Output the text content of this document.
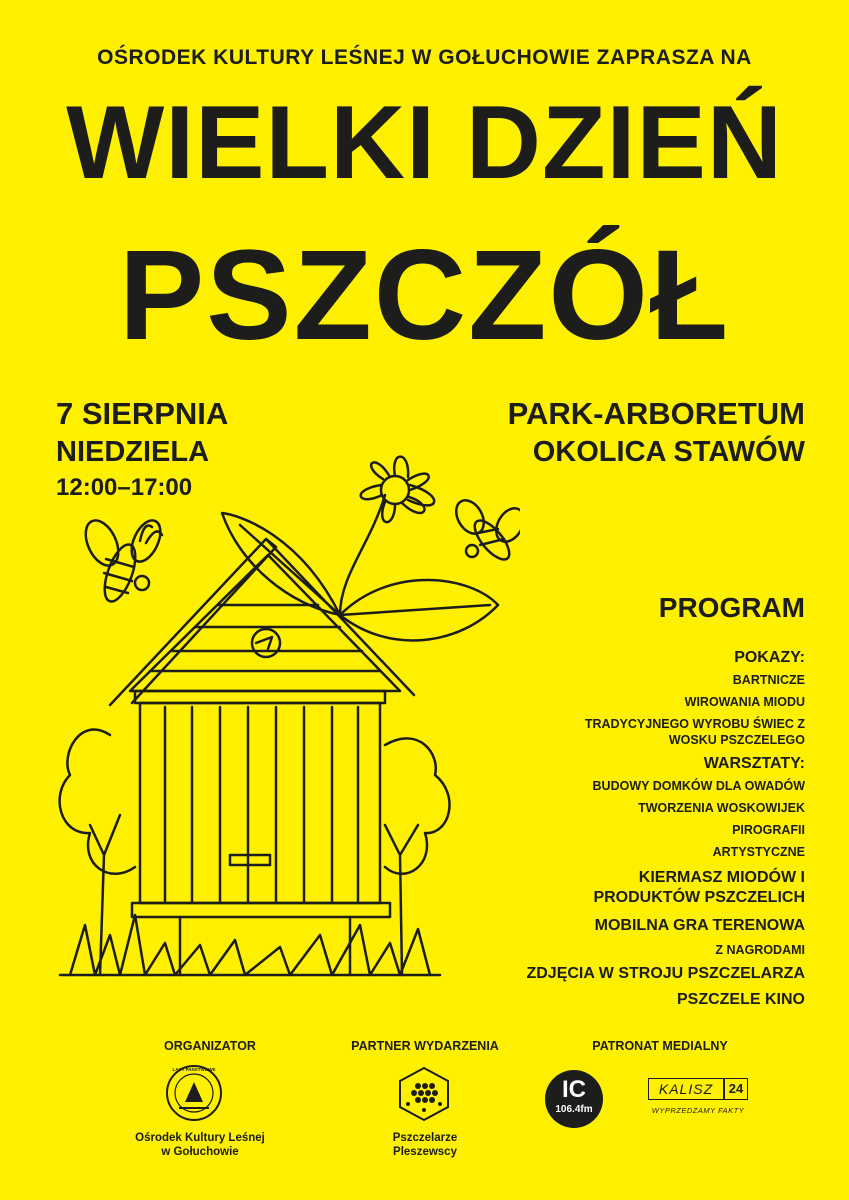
OŚRODEK KULTURY LEŚNEJ W GOŁUCHOWIE ZAPRASZA NA
WIELKI DZIEŃ
PSZCZÓŁ
7 SIERPNIA
NIEDZIELA
12:00–17:00
PARK-ARBORETUM
OKOLICA STAWÓW
PROGRAM
POKAZY:
BARTNICZE
WIROWANIA MIODU
TRADYCYJNEGO WYROBU ŚWIEC Z WOSKU PSZCZELEGO
WARSZTATY:
BUDOWY DOMKÓW DLA OWADÓW
TWORZENIA WOSKOWIJEK
PIROGRAFII
ARTYSTYCZNE
KIERMASZ MIODÓW I PRODUKTÓW PSZCZELICH
MOBILNA GRA TERENOWA
Z NAGRODAMI
ZDJĘCIA W STROJU PSZCZELARZA
PSZCZELE KINO
ORGANIZATOR	PARTNER WYDARZENIA	PATRONAT MEDIALNY
LASY PAŃSTWOWE
Ośrodek Kultury Leśnej
w Gołuchowie
Pszczelarze
Pleszewscy
IC
106.4fm
KALISZ	24
WYPRZEDZAMY FAKTY
